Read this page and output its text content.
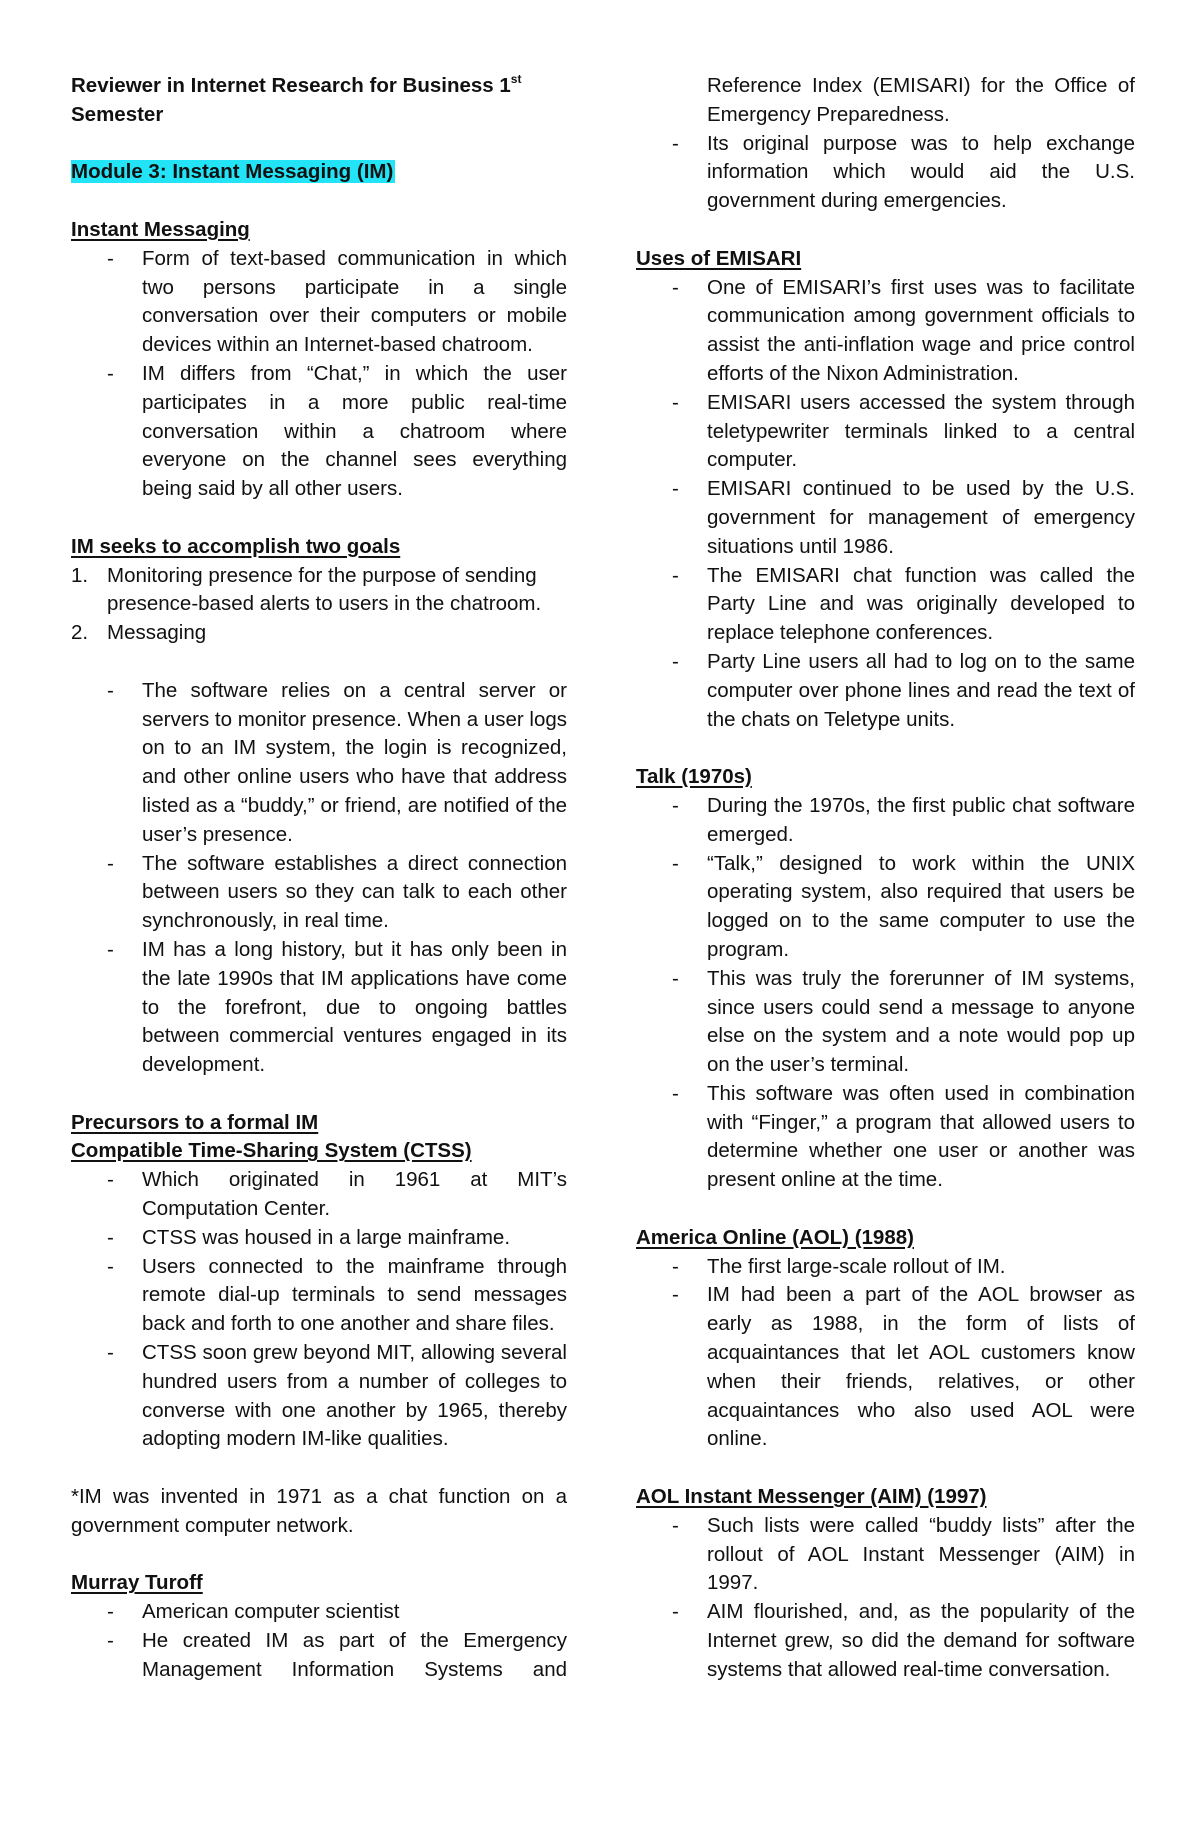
Reviewer in Internet Research for Business 1st

Semester

Module 3: Instant Messaging (IM)

Instant Messaging

- Form of text-based communication in which two persons participate in a single conversation over their computers or mobile devices within an Internet-based chatroom.
- IM differs from “Chat,” in which the user participates in a more public real-time conversation within a chatroom where everyone on the channel sees everything being said by all other users.

IM seeks to accomplish two goals

1. Monitoring presence for the purpose of sending presence-based alerts to users in the chatroom.
2. Messaging
- The software relies on a central server or servers to monitor presence. When a user logs on to an IM system, the login is recognized, and other online users who have that address listed as a “buddy,” or friend, are notified of the user’s presence.
- The software establishes a direct connection between users so they can talk to each other synchronously, in real time.
- IM has a long history, but it has only been in the late 1990s that IM applications have come to the forefront, due to ongoing battles between commercial ventures engaged in its development.

Precursors to a formal IM

Compatible Time-Sharing System (CTSS)

- Which originated in 1961 at MIT’s Computation Center.
- CTSS was housed in a large mainframe.
- Users connected to the mainframe through remote dial-up terminals to send messages back and forth to one another and share files.
- CTSS soon grew beyond MIT, allowing several hundred users from a number of colleges to converse with one another by 1965, thereby adopting modern IM-like qualities.

*IM was invented in 1971 as a chat function on a government computer network.

Murray Turoff

- American computer scientist
- He created IM as part of the Emergency Management Information Systems and

Reference Index (EMISARI) for the Office of Emergency Preparedness.

- Its original purpose was to help exchange information which would aid the U.S. government during emergencies.

Uses of EMISARI

- One of EMISARI’s first uses was to facilitate communication among government officials to assist the anti-inflation wage and price control efforts of the Nixon Administration.
- EMISARI users accessed the system through teletypewriter terminals linked to a central computer.
- EMISARI continued to be used by the U.S. government for management of emergency situations until 1986.
- The EMISARI chat function was called the Party Line and was originally developed to replace telephone conferences.
- Party Line users all had to log on to the same computer over phone lines and read the text of the chats on Teletype units.

Talk (1970s)

- During the 1970s, the first public chat software emerged.
- “Talk,” designed to work within the UNIX operating system, also required that users be logged on to the same computer to use the program.
- This was truly the forerunner of IM systems, since users could send a message to anyone else on the system and a note would pop up on the user’s terminal.
- This software was often used in combination with “Finger,” a program that allowed users to determine whether one user or another was present online at the time.

America Online (AOL) (1988)

- The first large-scale rollout of IM.
- IM had been a part of the AOL browser as early as 1988, in the form of lists of acquaintances that let AOL customers know when their friends, relatives, or other acquaintances who also used AOL were online.

AOL Instant Messenger (AIM) (1997)

- Such lists were called “buddy lists” after the rollout of AOL Instant Messenger (AIM) in 1997.
- AIM flourished, and, as the popularity of the Internet grew, so did the demand for software systems that allowed real-time conversation.
